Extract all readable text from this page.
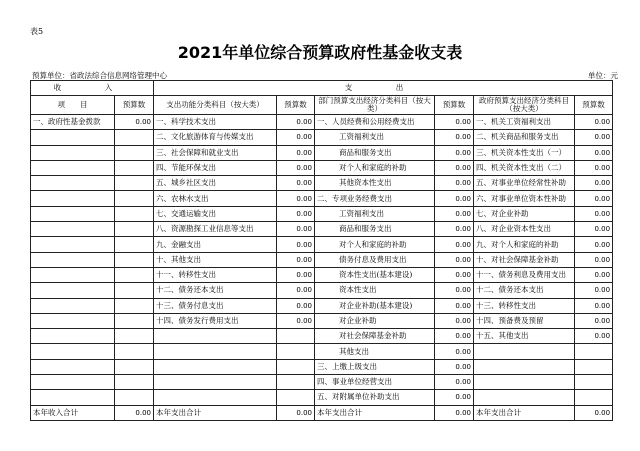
表5
2021年单位综合预算政府性基金收支表
预算单位：省政法综合信息网络管理中心	单位：元
收　入		支　出					
项　　目	预算数	支出功能分类科目（按大类）	预算数	部门预算支出经济分类科目（按大类）	预算数	政府预算支出经济分类科目（按大类）	预算数
一、政府性基金拨款	0.00	一、科学技术支出	0.00	一、人员经费和公用经费支出	0.00	一、机关工资福利支出	0.00
		二、文化旅游体育与传媒支出	0.00	工资福利支出	0.00	二、机关商品和服务支出	0.00
		三、社会保障和就业支出	0.00	商品和服务支出	0.00	三、机关资本性支出（一）	0.00
		四、节能环保支出	0.00	对个人和家庭的补助	0.00	四、机关资本性支出（二）	0.00
		五、城乡社区支出	0.00	其他资本性支出	0.00	五、对事业单位经常性补助	0.00
		六、农林水支出	0.00	二、专项业务经费支出	0.00	六、对事业单位资本性补助	0.00
		七、交通运输支出	0.00	工资福利支出	0.00	七、对企业补助	0.00
		八、资源勘探工业信息等支出	0.00	商品和服务支出	0.00	八、对企业资本性支出	0.00
		九、金融支出	0.00	对个人和家庭的补助	0.00	九、对个人和家庭的补助	0.00
		十、其他支出	0.00	债务付息及费用支出	0.00	十、对社会保障基金补助	0.00
		十一、转移性支出	0.00	资本性支出(基本建设)	0.00	十一、债务利息及费用支出	0.00
		十二、债务还本支出	0.00	资本性支出	0.00	十二、债务还本支出	0.00
		十三、债务付息支出	0.00	对企业补助(基本建设)	0.00	十三、转移性支出	0.00
		十四、债务发行费用支出	0.00	对企业补助	0.00	十四、预备费及预留	0.00
				对社会保障基金补助	0.00	十五、其他支出	0.00
				其他支出	0.00		
				三、上缴上级支出	0.00		
				四、事业单位经营支出	0.00		
				五、对附属单位补助支出	0.00		
本年收入合计	0.00	本年支出合计	0.00	本年支出合计	0.00	本年支出合计	0.00
